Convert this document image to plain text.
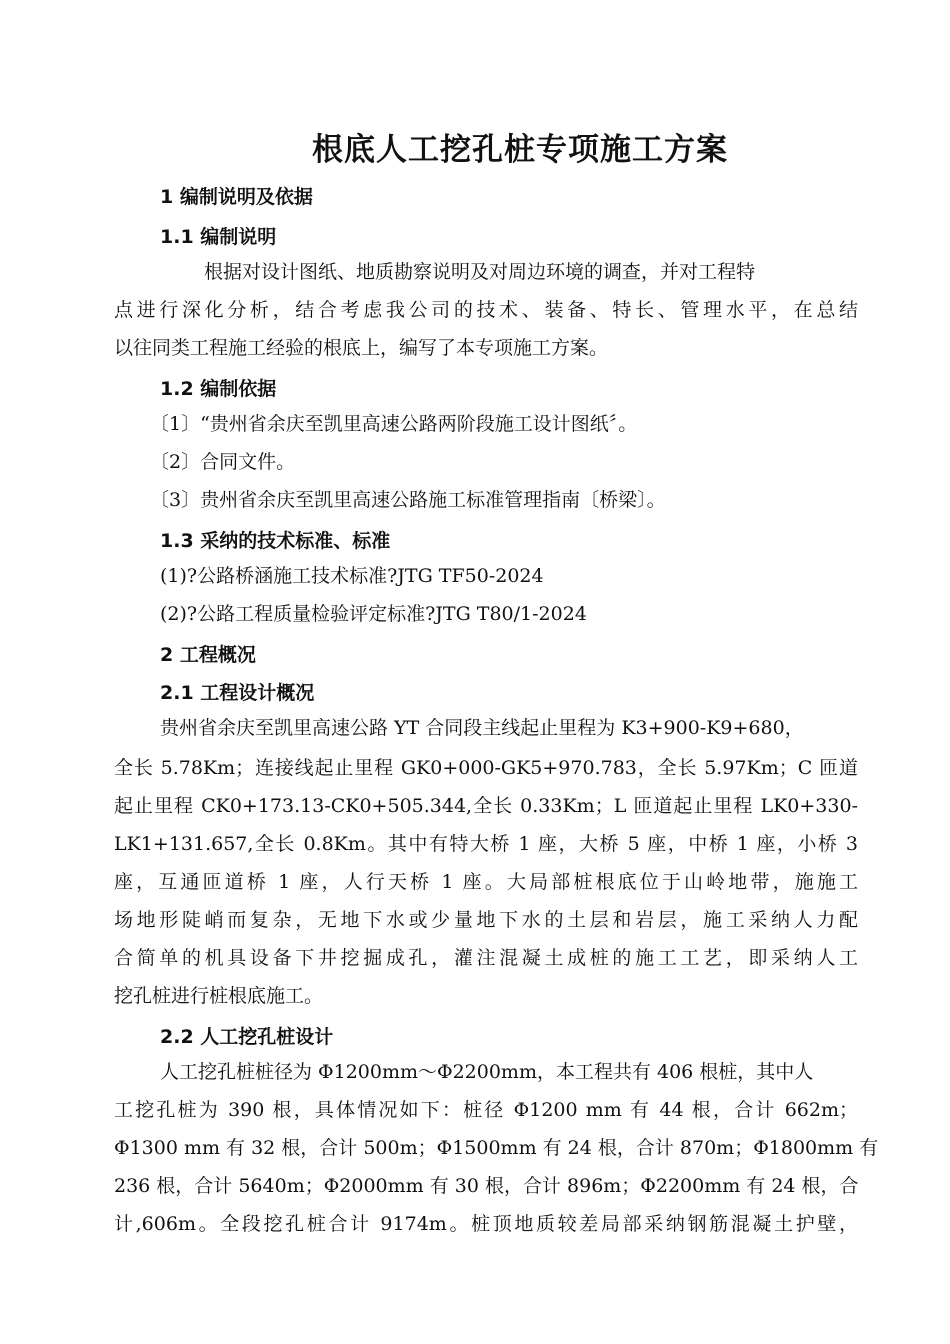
根底人工挖孔桩专项施工方案
1 编制说明及依据
1.1 编制说明
根据对设计图纸、地质勘察说明及对周边环境的调查，并对工程特
点进行深化分析，结合考虑我公司的技术、装备、特长、管理水平，在总结
以往同类工程施工经验的根底上，编写了本专项施工方案。
1.2 编制依据
〔1〕“贵州省余庆至凯里高速公路两阶段施工设计图纸〞。
〔2〕合同文件。
〔3〕贵州省余庆至凯里高速公路施工标准管理指南〔桥梁〕。
1.3 采纳的技术标准、标准
(1)?公路桥涵施工技术标准?JTG TF50-2024
(2)?公路工程质量检验评定标准?JTG T80/1-2024
2 工程概况
2.1 工程设计概况
贵州省余庆至凯里高速公路 YT 合同段主线起止里程为 K3+900-K9+680，
全长 5.78Km；连接线起止里程 GK0+000-GK5+970.783，全长 5.97Km；C 匝道
起止里程 CK0+173.13-CK0+505.344,全长 0.33Km；L 匝道起止里程 LK0+330-
LK1+131.657,全长 0.8Km。其中有特大桥 1 座，大桥 5 座，中桥 1 座，小桥 3
座，互通匝道桥 1 座，人行天桥 1 座。大局部桩根底位于山岭地带，施施工
场地形陡峭而复杂，无地下水或少量地下水的土层和岩层，施工采纳人力配
合简单的机具设备下井挖掘成孔，灌注混凝土成桩的施工工艺，即采纳人工
挖孔桩进行桩根底施工。
2.2 人工挖孔桩设计
人工挖孔桩桩径为 Φ1200mm～Φ2200mm，本工程共有 406 根桩，其中人
工挖孔桩为 390 根，具体情况如下：桩径 Φ1200 mm 有 44 根，合计 662m；
Φ1300 mm 有 32 根，合计 500m；Φ1500mm 有 24 根，合计 870m；Φ1800mm 有
236 根，合计 5640m；Φ2000mm 有 30 根，合计 896m；Φ2200mm 有 24 根，合
计,606m。全段挖孔桩合计 9174m。桩顶地质较差局部采纳钢筋混凝土护壁，
